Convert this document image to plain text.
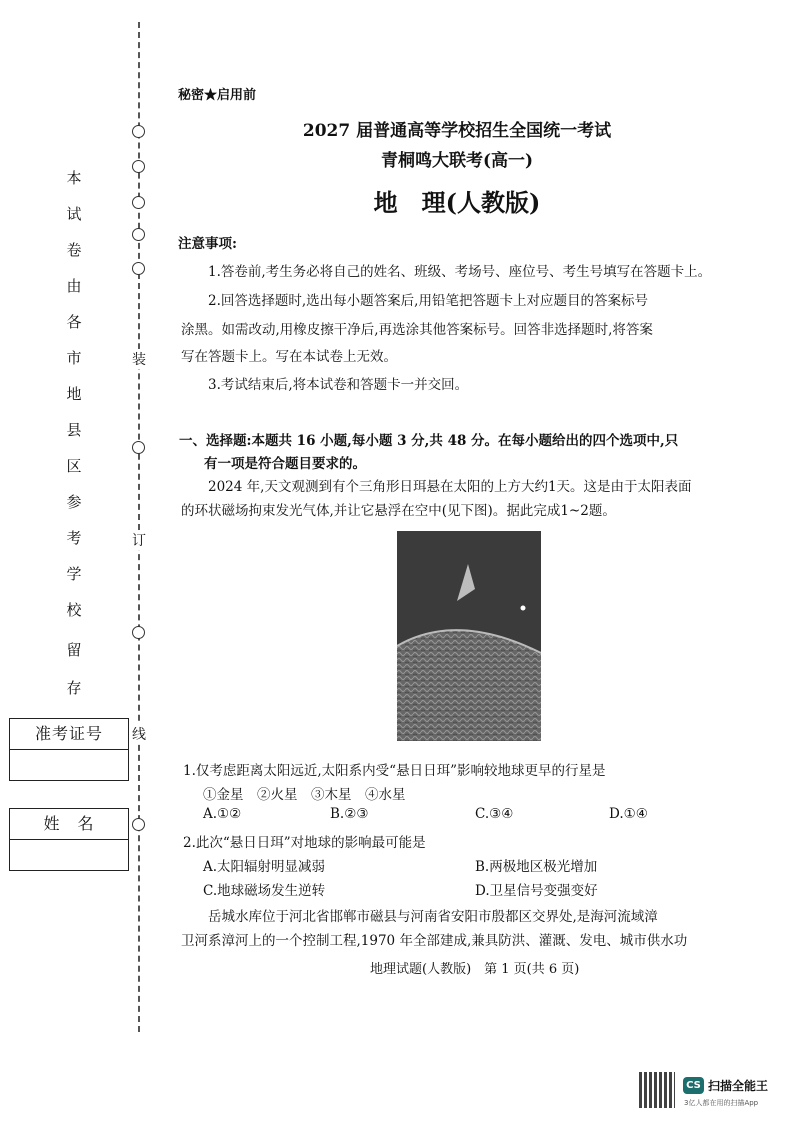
装
订
线
本
试
卷
由
各
市
地
县
区
参
考
学
校
留
存
准考证号
姓　名
秘密★启用前
2027 届普通高等学校招生全国统一考试
青桐鸣大联考(高一)
地　理(人教版)
注意事项:
1.答卷前,考生务必将自己的姓名、班级、考场号、座位号、考生号填写在答题卡上。
2.回答选择题时,选出每小题答案后,用铅笔把答题卡上对应题目的答案标号
涂黑。如需改动,用橡皮擦干净后,再选涂其他答案标号。回答非选择题时,将答案
写在答题卡上。写在本试卷上无效。
3.考试结束后,将本试卷和答题卡一并交回。
一、选择题:本题共 16 小题,每小题 3 分,共 48 分。在每小题给出的四个选项中,只
有一项是符合题目要求的。
2024 年,天文观测到有个三角形日珥悬在太阳的上方大约1天。这是由于太阳表面
的环状磁场拘束发光气体,并让它悬浮在空中(见下图)。据此完成1~2题。
1.仅考虑距离太阳远近,太阳系内受“悬日日珥”影响较地球更早的行星是
①金星　②火星　③木星　④水星
A.①②	B.②③	C.③④	D.①④
2.此次“悬日日珥”对地球的影响最可能是
A.太阳辐射明显减弱	B.两极地区极光增加
C.地球磁场发生逆转	D.卫星信号变强变好
岳城水库位于河北省邯郸市磁县与河南省安阳市殷都区交界处,是海河流域漳
卫河系漳河上的一个控制工程,1970 年全部建成,兼具防洪、灌溉、发电、城市供水功
地理试题(人教版)　第 1 页(共 6 页)
CS 扫描全能王
3亿人都在用的扫描App
